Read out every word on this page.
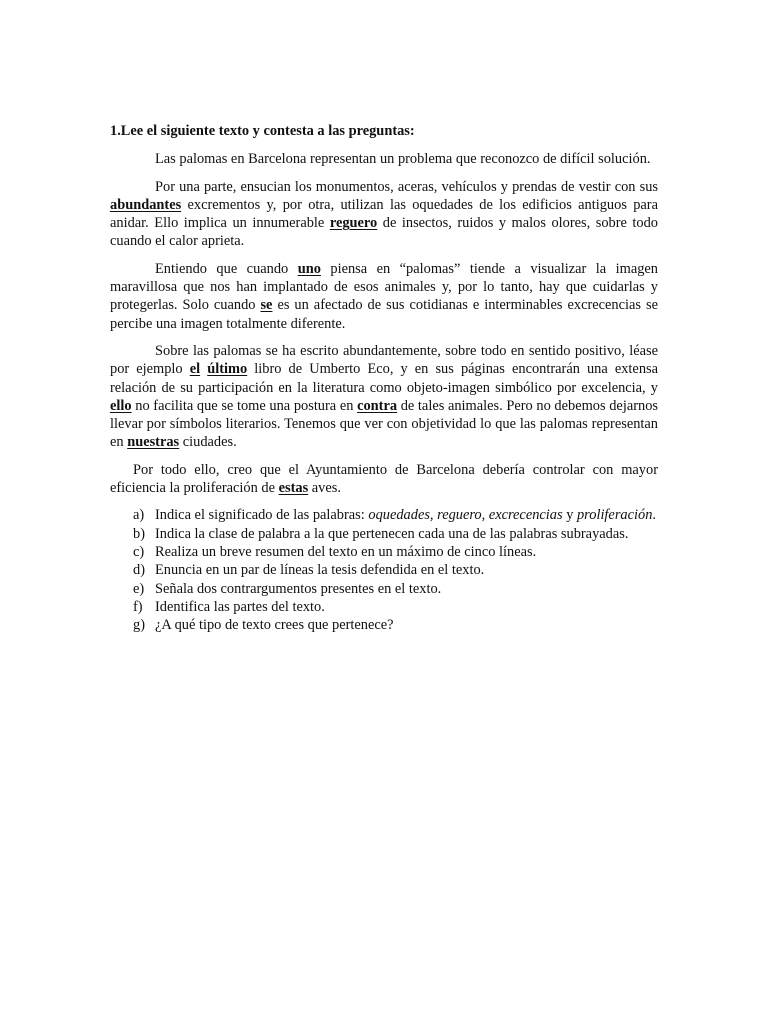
1.Lee el siguiente texto y contesta a las preguntas:

Las palomas en Barcelona representan un problema que reconozco de difícil solución.

Por una parte, ensucian los monumentos, aceras, vehículos y prendas de vestir con sus abundantes excrementos y, por otra, utilizan las oquedades de los edificios antiguos para anidar. Ello implica un innumerable reguero de insectos, ruidos y malos olores, sobre todo cuando el calor aprieta.

Entiendo que cuando uno piensa en “palomas” tiende a visualizar la imagen maravillosa que nos han implantado de esos animales y, por lo tanto, hay que cuidarlas y protegerlas. Solo cuando se es un afectado de sus cotidianas e interminables excrecencias se percibe una imagen totalmente diferente.

Sobre las palomas se ha escrito abundantemente, sobre todo en sentido positivo, léase por ejemplo el último libro de Umberto Eco, y en sus páginas encontrarán una extensa relación de su participación en la literatura como objeto-imagen simbólico por excelencia, y ello no facilita que se tome una postura en contra de tales animales. Pero no debemos dejarnos llevar por símbolos literarios. Tenemos que ver con objetividad lo que las palomas representan en nuestras ciudades.

Por todo ello, creo que el Ayuntamiento de Barcelona debería controlar con mayor eficiencia la proliferación de estas aves.

a) Indica el significado de las palabras: oquedades, reguero, excrecencias y proliferación.
b) Indica la clase de palabra a la que pertenecen cada una de las palabras subrayadas.
c) Realiza un breve resumen del texto en un máximo de cinco líneas.
d) Enuncia en un par de líneas la tesis defendida en el texto.
e) Señala dos contrargumentos presentes en el texto.
f) Identifica las partes del texto.
g) ¿A qué tipo de texto crees que pertenece?
